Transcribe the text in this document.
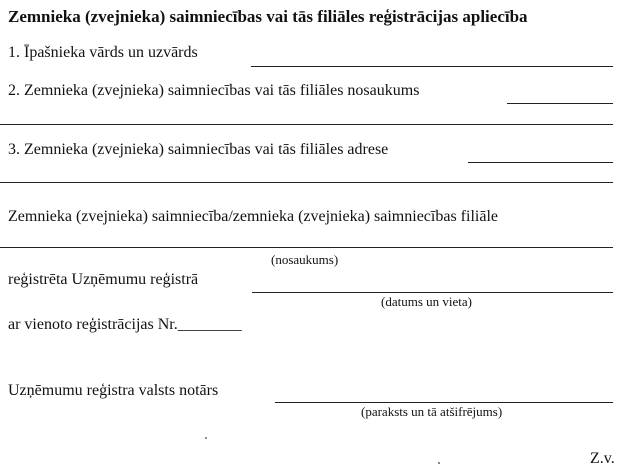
Zemnieka (zvejnieka) saimniecības vai tās filiāles reģistrācijas apliecība
1. Īpašnieka vārds un uzvārds
2. Zemnieka (zvejnieka) saimniecības vai tās filiāles nosaukums
3. Zemnieka (zvejnieka) saimniecības vai tās filiāles adrese
Zemnieka (zvejnieka) saimniecība/zemnieka (zvejnieka) saimniecības filiāle
(nosaukums)
reģistrēta Uzņēmumu reģistrā
(datums un vieta)
ar vienoto reģistrācijas Nr.________
Uzņēmumu reģistra valsts notārs
(paraksts un tā atšifrējums)
Z.v.
